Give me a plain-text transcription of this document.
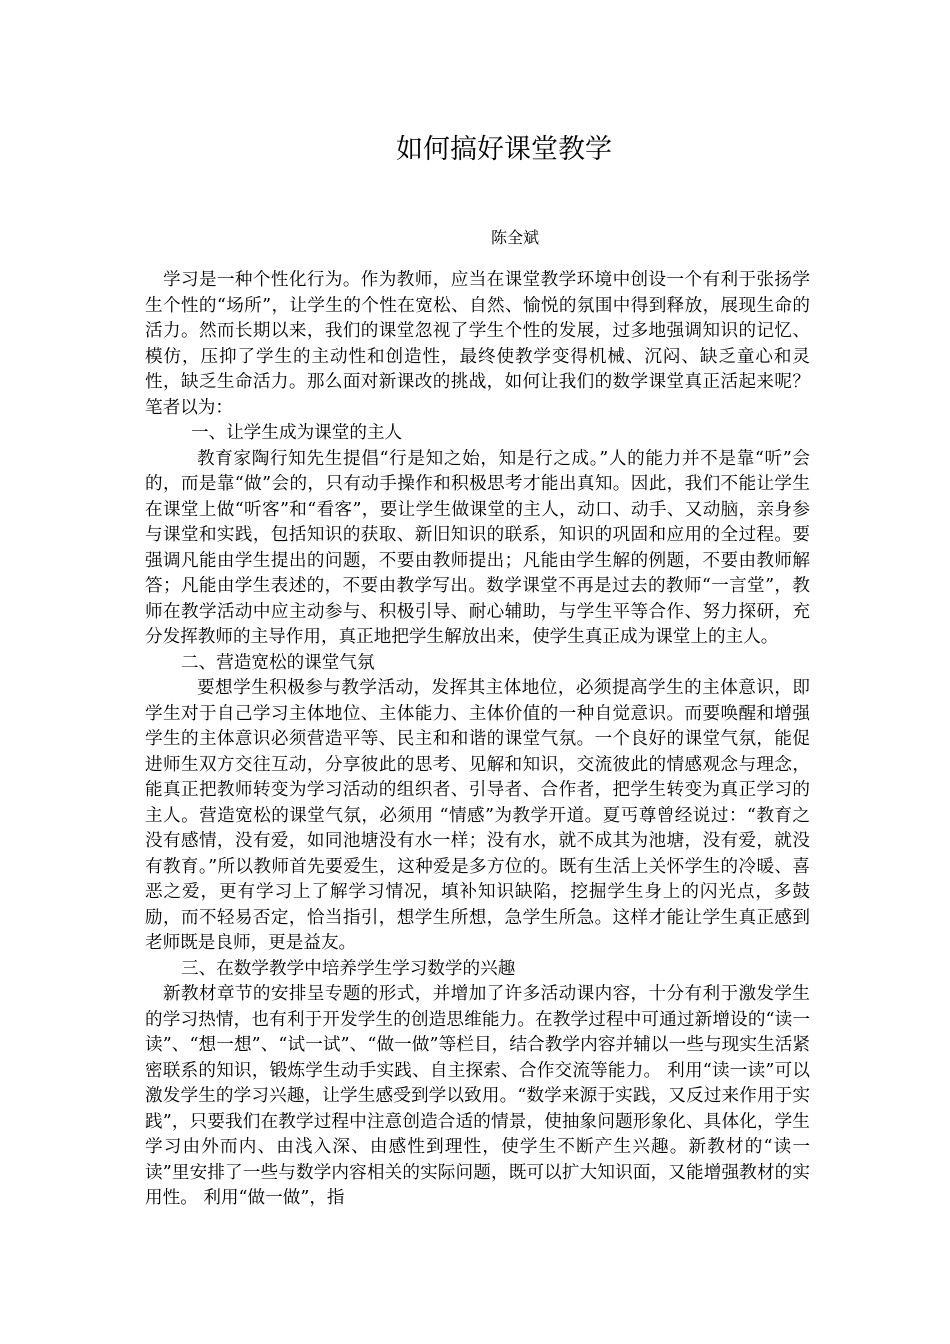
如何搞好课堂教学
陈全斌

学习是一种个性化行为。作为教师，应当在课堂教学环境中创设一个有利于张扬学生个性的“场所”，让学生的个性在宽松、自然、愉悦的氛围中得到释放，展现生命的活力。然而长期以来，我们的课堂忽视了学生个性的发展，过多地强调知识的记忆、模仿，压抑了学生的主动性和创造性，最终使教学变得机械、沉闷、缺乏童心和灵性，缺乏生命活力。那么面对新课改的挑战，如何让我们的数学课堂真正活起来呢？笔者以为：

一、让学生成为课堂的主人

教育家陶行知先生提倡“行是知之始，知是行之成。”人的能力并不是靠“听”会的，而是靠“做”会的，只有动手操作和积极思考才能出真知。因此，我们不能让学生在课堂上做“听客”和“看客”，要让学生做课堂的主人，动口、动手、又动脑，亲身参与课堂和实践，包括知识的获取、新旧知识的联系，知识的巩固和应用的全过程。要强调凡能由学生提出的问题，不要由教师提出；凡能由学生解的例题，不要由教师解答；凡能由学生表述的，不要由教学写出。数学课堂不再是过去的教师“一言堂”，教师在教学活动中应主动参与、积极引导、耐心辅助，与学生平等合作、努力探研，充分发挥教师的主导作用，真正地把学生解放出来，使学生真正成为课堂上的主人。

二、营造宽松的课堂气氛

要想学生积极参与教学活动，发挥其主体地位，必须提高学生的主体意识，即学生对于自己学习主体地位、主体能力、主体价值的一种自觉意识。而要唤醒和增强学生的主体意识必须营造平等、民主和和谐的课堂气氛。一个良好的课堂气氛，能促进师生双方交往互动，分享彼此的思考、见解和知识，交流彼此的情感观念与理念，能真正把教师转变为学习活动的组织者、引导者、合作者，把学生转变为真正学习的主人。营造宽松的课堂气氛，必须用 “情感”为教学开道。夏丐尊曾经说过：“教育之没有感情，没有爱，如同池塘没有水一样；没有水，就不成其为池塘，没有爱，就没有教育。”所以教师首先要爱生，这种爱是多方位的。既有生活上关怀学生的冷暖、喜恶之爱，更有学习上了解学习情况，填补知识缺陷，挖掘学生身上的闪光点，多鼓励，而不轻易否定，恰当指引，想学生所想，急学生所急。这样才能让学生真正感到老师既是良师，更是益友。

三、在数学教学中培养学生学习数学的兴趣

新教材章节的安排呈专题的形式，并增加了许多活动课内容，十分有利于激发学生的学习热情，也有利于开发学生的创造思维能力。在教学过程中可通过新增设的“读一读”、“想一想”、“试一试”、“做一做”等栏目，结合教学内容并辅以一些与现实生活紧密联系的知识，锻炼学生动手实践、自主探索、合作交流等能力。 利用“读一读”可以激发学生的学习兴趣，让学生感受到学以致用。“数学来源于实践，又反过来作用于实践”，只要我们在教学过程中注意创造合适的情景，使抽象问题形象化、具体化，学生学习由外而内、由浅入深、由感性到理性，使学生不断产生兴趣。新教材的“读一读”里安排了一些与数学内容相关的实际问题，既可以扩大知识面，又能增强教材的实用性。 利用“做一做”，指
